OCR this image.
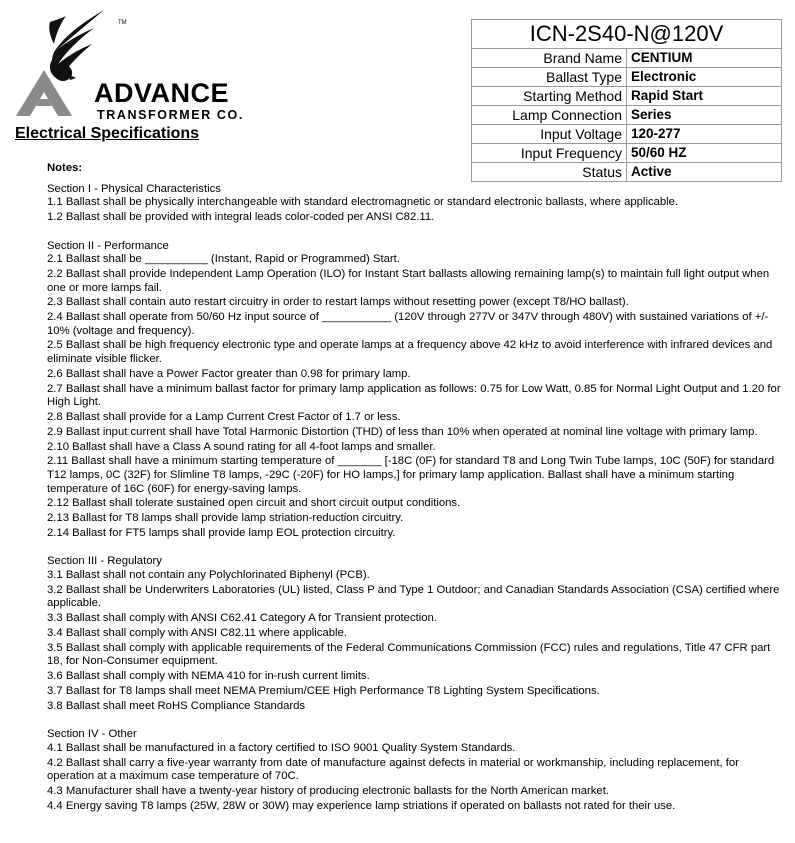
TM
ADVANCE
TRANSFORMER CO.
Electrical Specifications
ICN-2S40-N@120V	
Brand Name	CENTIUM
Ballast Type	Electronic
Starting Method	Rapid Start
Lamp Connection	Series
Input Voltage	120-277
Input Frequency	50/60 HZ
Status	Active
Notes:
Section I - Physical Characteristics
1.1 Ballast shall be physically interchangeable with standard electromagnetic or standard electronic ballasts, where applicable.
1.2 Ballast shall be provided with integral leads color-coded per ANSI C82.11.
Section II - Performance
2.1 Ballast shall be __________ (Instant, Rapid or Programmed) Start.
2.2 Ballast shall provide Independent Lamp Operation (ILO) for Instant Start ballasts allowing remaining lamp(s) to maintain full light output when one or more lamps fail.
2.3 Ballast shall contain auto restart circuitry in order to restart lamps without resetting power (except T8/HO ballast).
2.4 Ballast shall operate from 50/60 Hz input source of ___________ (120V through 277V or 347V through 480V) with sustained variations of +/- 10% (voltage and frequency).
2.5 Ballast shall be high frequency electronic type and operate lamps at a frequency above 42 kHz to avoid interference with infrared devices and eliminate visible flicker.
2.6 Ballast shall have a Power Factor greater than 0.98 for primary lamp.
2.7 Ballast shall have a minimum ballast factor for primary lamp application as follows: 0.75 for Low Watt, 0.85 for Normal Light Output and 1.20 for High Light.
2.8 Ballast shall provide for a Lamp Current Crest Factor of 1.7 or less.
2.9 Ballast input current shall have Total Harmonic Distortion (THD) of less than 10% when operated at nominal line voltage with primary lamp.
2.10 Ballast shall have a Class A sound rating for all 4-foot lamps and smaller.
2.11 Ballast shall have a minimum starting temperature of _______ [-18C (0F) for standard T8 and Long Twin Tube lamps, 10C (50F) for standard T12 lamps, 0C (32F) for Slimline T8 lamps, -29C (-20F) for HO lamps,] for primary lamp application. Ballast shall have a minimum starting temperature of 16C (60F) for energy-saving lamps.
2.12 Ballast shall tolerate sustained open circuit and short circuit output conditions.
2.13 Ballast for T8 lamps shall provide lamp striation-reduction circuitry.
2.14 Ballast for FT5 lamps shall provide lamp EOL protection circuitry.
Section III - Regulatory
3.1 Ballast shall not contain any Polychlorinated Biphenyl (PCB).
3.2 Ballast shall be Underwriters Laboratories (UL) listed, Class P and Type 1 Outdoor; and Canadian Standards Association (CSA) certified where applicable.
3.3 Ballast shall comply with ANSI C62.41 Category A for Transient protection.
3.4 Ballast shall comply with ANSI C82.11 where applicable.
3.5 Ballast shall comply with applicable requirements of the Federal Communications Commission (FCC) rules and regulations, Title 47 CFR part 18, for Non-Consumer equipment.
3.6 Ballast shall comply with NEMA 410 for in-rush current limits.
3.7 Ballast for T8 lamps shall meet NEMA Premium/CEE High Performance T8 Lighting System Specifications.
3.8 Ballast shall meet RoHS Compliance Standards
Section IV - Other
4.1 Ballast shall be manufactured in a factory certified to ISO 9001 Quality System Standards.
4.2 Ballast shall carry a five-year warranty from date of manufacture against defects in material or workmanship, including replacement, for operation at a maximum case temperature of 70C.
4.3 Manufacturer shall have a twenty-year history of producing electronic ballasts for the North American market.
4.4 Energy saving T8 lamps (25W, 28W or 30W) may experience lamp striations if operated on ballasts not rated for their use.
